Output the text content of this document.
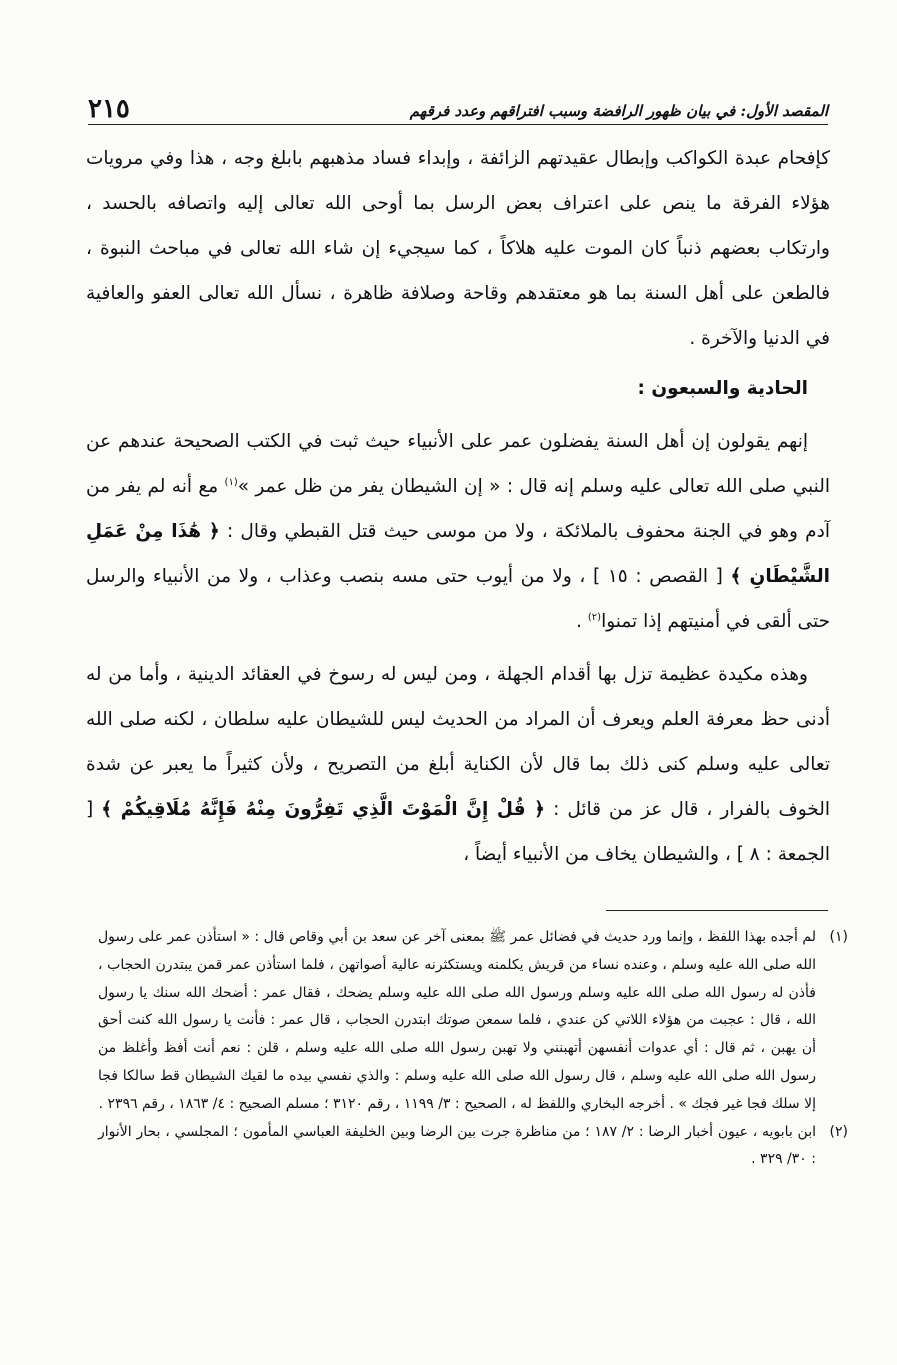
المقصد الأول: في بيان ظهور الرافضة وسبب افتراقهم وعدد فرقهم
٢١٥

كإفحام عبدة الكواكب وإبطال عقيدتهم الزائفة ، وإبداء فساد مذهبهم بابلغ وجه ، هذا وفي مرويات هؤلاء الفرقة ما ينص على اعتراف بعض الرسل بما أوحى الله تعالى إليه واتصافه بالحسد ، وارتكاب بعضهم ذنباً كان الموت عليه هلاكاً ، كما سيجيء إن شاء الله تعالى في مباحث النبوة ، فالطعن على أهل السنة بما هو معتقدهم وقاحة وصلافة ظاهرة ، نسأل الله تعالى العفو والعافية في الدنيا والآخرة .

الحادية والسبعون :

إنهم يقولون إن أهل السنة يفضلون عمر على الأنبياء حيث ثبت في الكتب الصحيحة عندهم عن النبي صلى الله تعالى عليه وسلم إنه قال : « إن الشيطان يفر من ظل عمر »$^{(١)}$ مع أنه لم يفر من آدم وهو في الجنة محفوف بالملائكة ، ولا من موسى حيث قتل القبطي وقال : ﴿ هَٰذَا مِنْ عَمَلِ الشَّيْطَانِ ﴾ [ القصص : ١٥ ] ، ولا من أيوب حتى مسه بنصب وعذاب ، ولا من الأنبياء والرسل حتى ألقى في أمنيتهم إذا تمنوا$^{(٢)}$ .

وهذه مكيدة عظيمة تزل بها أقدام الجهلة ، ومن ليس له رسوخ في العقائد الدينية ، وأما من له أدنى حظ معرفة العلم ويعرف أن المراد من الحديث ليس للشيطان عليه سلطان ، لكنه صلى الله تعالى عليه وسلم كنى ذلك بما قال لأن الكناية أبلغ من التصريح ، ولأن كثيراً ما يعبر عن شدة الخوف بالفرار ، قال عز من قائل : ﴿ قُلْ إِنَّ الْمَوْتَ الَّذِي تَفِرُّونَ مِنْهُ فَإِنَّهُ مُلَاقِيكُمْ ﴾ [ الجمعة : ٨ ] ، والشيطان يخاف من الأنبياء أيضاً ،

(١)
لم أجده بهذا اللفظ ، وإنما ورد حديث في فضائل عمر ﷺ بمعنى آخر عن سعد بن أبي وقاص قال : « استأذن عمر على رسول الله صلى الله عليه وسلم ، وعنده نساء من قريش يكلمنه ويستكثرنه عالية أصواتهن ، فلما استأذن عمر قمن يبتدرن الحجاب ، فأذن له رسول الله صلى الله عليه وسلم ورسول الله صلى الله عليه وسلم يضحك ، فقال عمر : أضحك الله سنك يا رسول الله ، قال : عجبت من هؤلاء اللاتي كن عندي ، فلما سمعن صوتك ابتدرن الحجاب ، قال عمر : فأنت يا رسول الله كنت أحق أن يهبن ، ثم قال : أي عدوات أنفسهن أتهبنني ولا تهبن رسول الله صلى الله عليه وسلم ، قلن : نعم أنت أفظ وأغلظ من رسول الله صلى الله عليه وسلم ، قال رسول الله صلى الله عليه وسلم : والذي نفسي بيده ما لقيك الشيطان قط سالكا فجا إلا سلك فجا غير فجك » . أخرجه البخاري واللفظ له ، الصحيح : ٣/ ١١٩٩ ، رقم ٣١٢٠ ؛ مسلم الصحيح : ٤/ ١٨٦٣ ، رقم ٢٣٩٦ .
(٢)
ابن بابويه ، عيون أخبار الرضا : ٢/ ١٨٧ ؛ من مناظرة جرت بين الرضا وبين الخليفة العباسي المأمون ؛ المجلسي ، بحار الأنوار : ٣٠/ ٣٢٩ .
